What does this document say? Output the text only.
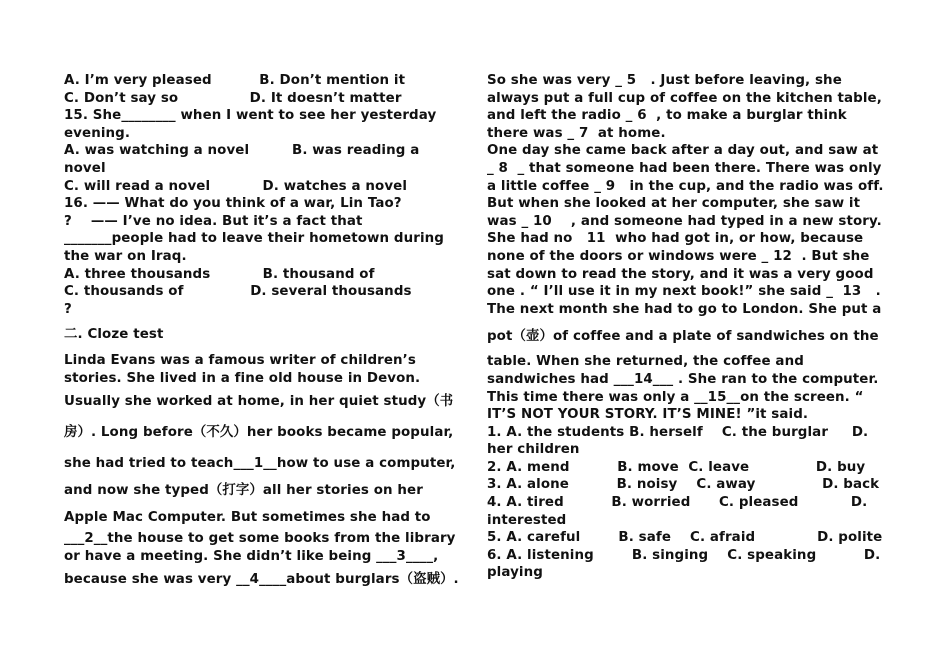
A. I’m very pleased          B. Don’t mention it
C. Don’t say so               D. It doesn’t matter
15. She________ when I went to see her yesterday
evening.
A. was watching a novel         B. was reading a
novel
C. will read a novel           D. watches a novel
16. —— What do you think of a war, Lin Tao?
?    —— I’ve no idea. But it’s a fact that
_______people had to leave their hometown during
the war on Iraq.
A. three thousands           B. thousand of
C. thousands of              D. several thousands
?
二. Cloze test
Linda Evans was a famous writer of children’s
stories. She lived in a fine old house in Devon.
Usually she worked at home, in her quiet study（书
房）. Long before（不久）her books became popular,
she had tried to teach___1__how to use a computer,
and now she typed（打字）all her stories on her
Apple Mac Computer. But sometimes she had to
___2__the house to get some books from the library
or have a meeting. She didn’t like being ___3____,
because she was very __4____about burglars（盗贼）.
So she was very _ 5   . Just before leaving, she
always put a full cup of coffee on the kitchen table,
and left the radio _ 6  , to make a burglar think
there was _ 7  at home.
One day she came back after a day out, and saw at
_ 8  _ that someone had been there. There was only
a little coffee _ 9   in the cup, and the radio was off.
But when she looked at her computer, she saw it
was _ 10    , and someone had typed in a new story.
She had no   11  who had got in, or how, because
none of the doors or windows were _ 12  . But she
sat down to read the story, and it was a very good
one . “ I’ll use it in my next book!” she said _  13   .
The next month she had to go to London. She put a
pot（壶）of coffee and a plate of sandwiches on the
table. When she returned, the coffee and
sandwiches had ___14___ . She ran to the computer.
This time there was only a __15__on the screen. “
IT’S NOT YOUR STORY. IT’S MINE! ”it said.
1. A. the students B. herself    C. the burglar     D.
her children
2. A. mend          B. move  C. leave              D. buy
3. A. alone          B. noisy    C. away              D. back
4. A. tired          B. worried      C. pleased           D.
interested
5. A. careful        B. safe    C. afraid             D. polite
6. A. listening        B. singing    C. speaking          D.
playing
